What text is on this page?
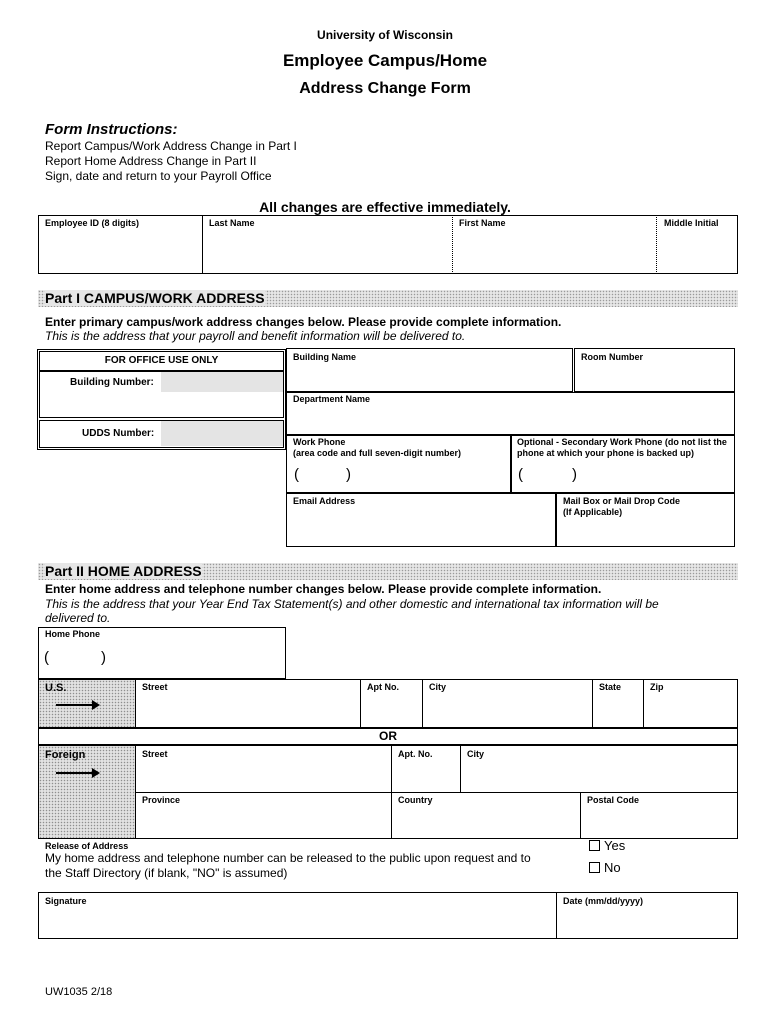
University of Wisconsin
Employee Campus/Home
Address Change Form
Form Instructions:
Report Campus/Work Address Change in Part I
Report Home Address Change in Part II
Sign, date and return to your Payroll Office
All changes are effective immediately.
Employee ID (8 digits)	Last Name	First Name	Middle Initial
Part I CAMPUS/WORK ADDRESS
Enter primary campus/work address changes below. Please provide complete information.
This is the address that your payroll and benefit information will be delivered to.
FOR OFFICE USE ONLY
Building Number:
UDDS Number:
Building Name	Room Number
Department Name
Work Phone
(area code and full seven-digit number)
(	)
Optional - Secondary Work Phone (do not list the
phone at which your phone is backed up)
(	)
Email Address	Mail Box or Mail Drop Code
(If Applicable)
Part II HOME ADDRESS
Enter home address and telephone number changes below. Please provide complete information.
This is the address that your Year End Tax Statement(s) and other domestic and international tax information will be
delivered to.
Home Phone
(	)
U.S.	Street	Apt No.	City	State	Zip
OR
Foreign	Street	Apt. No.	City
Province	Country	Postal Code
Release of Address
My home address and telephone number can be released to the public upon request and to
the Staff Directory (if blank, "NO" is assumed)
Yes
No
Signature	Date (mm/dd/yyyy)
UW1035 2/18
